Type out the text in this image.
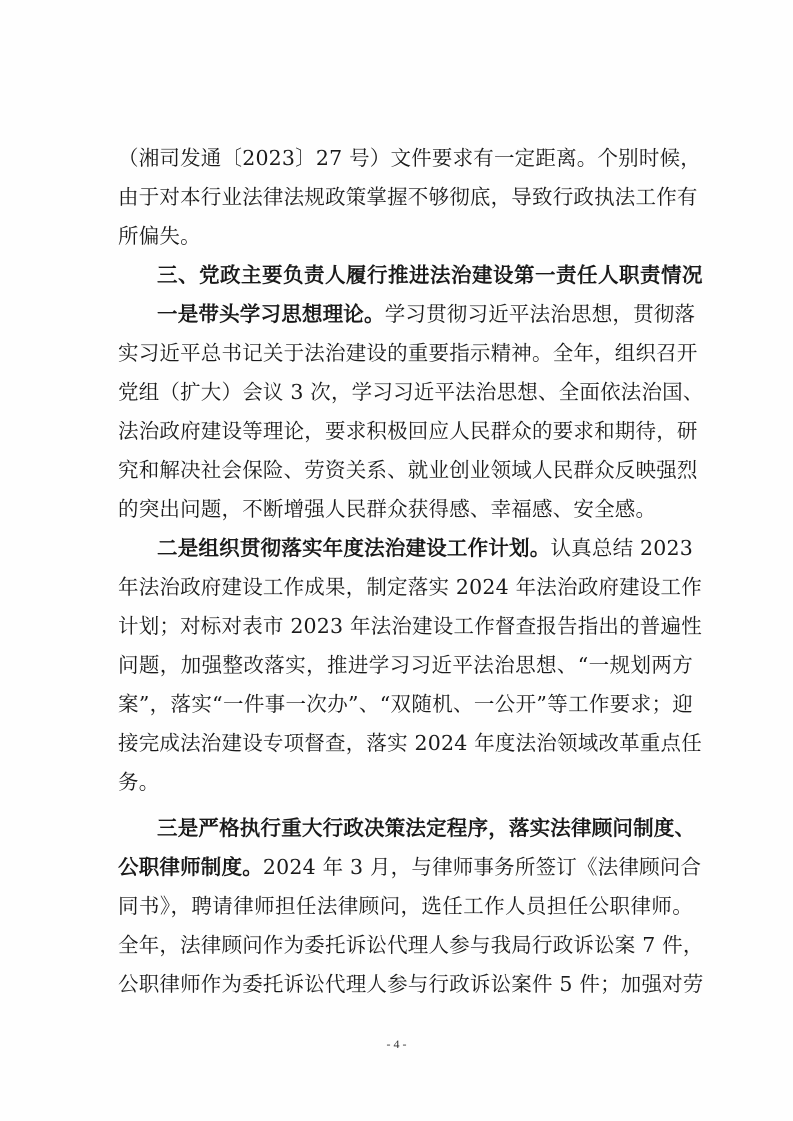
（湘司发通〔2023〕27 号）文件要求有一定距离。个别时候，
由于对本行业法律法规政策掌握不够彻底，导致行政执法工作有
所偏失。
三、党政主要负责人履行推进法治建设第一责任人职责情况
一是带头学习思想理论。学习贯彻习近平法治思想，贯彻落
实习近平总书记关于法治建设的重要指示精神。全年，组织召开
党组（扩大）会议 3 次，学习习近平法治思想、全面依法治国、
法治政府建设等理论，要求积极回应人民群众的要求和期待，研
究和解决社会保险、劳资关系、就业创业领域人民群众反映强烈
的突出问题，不断增强人民群众获得感、幸福感、安全感。
二是组织贯彻落实年度法治建设工作计划。认真总结 2023
年法治政府建设工作成果，制定落实 2024 年法治政府建设工作
计划；对标对表市 2023 年法治建设工作督查报告指出的普遍性
问题，加强整改落实，推进学习习近平法治思想、“一规划两方
案”，落实“一件事一次办”、“双随机、一公开”等工作要求；迎
接完成法治建设专项督查，落实 2024 年度法治领域改革重点任
务。
三是严格执行重大行政决策法定程序，落实法律顾问制度、
公职律师制度。2024 年 3 月，与律师事务所签订《法律顾问合
同书》，聘请律师担任法律顾问，选任工作人员担任公职律师。
全年，法律顾问作为委托诉讼代理人参与我局行政诉讼案 7 件，
公职律师作为委托诉讼代理人参与行政诉讼案件 5 件；加强对劳
- 4 -
